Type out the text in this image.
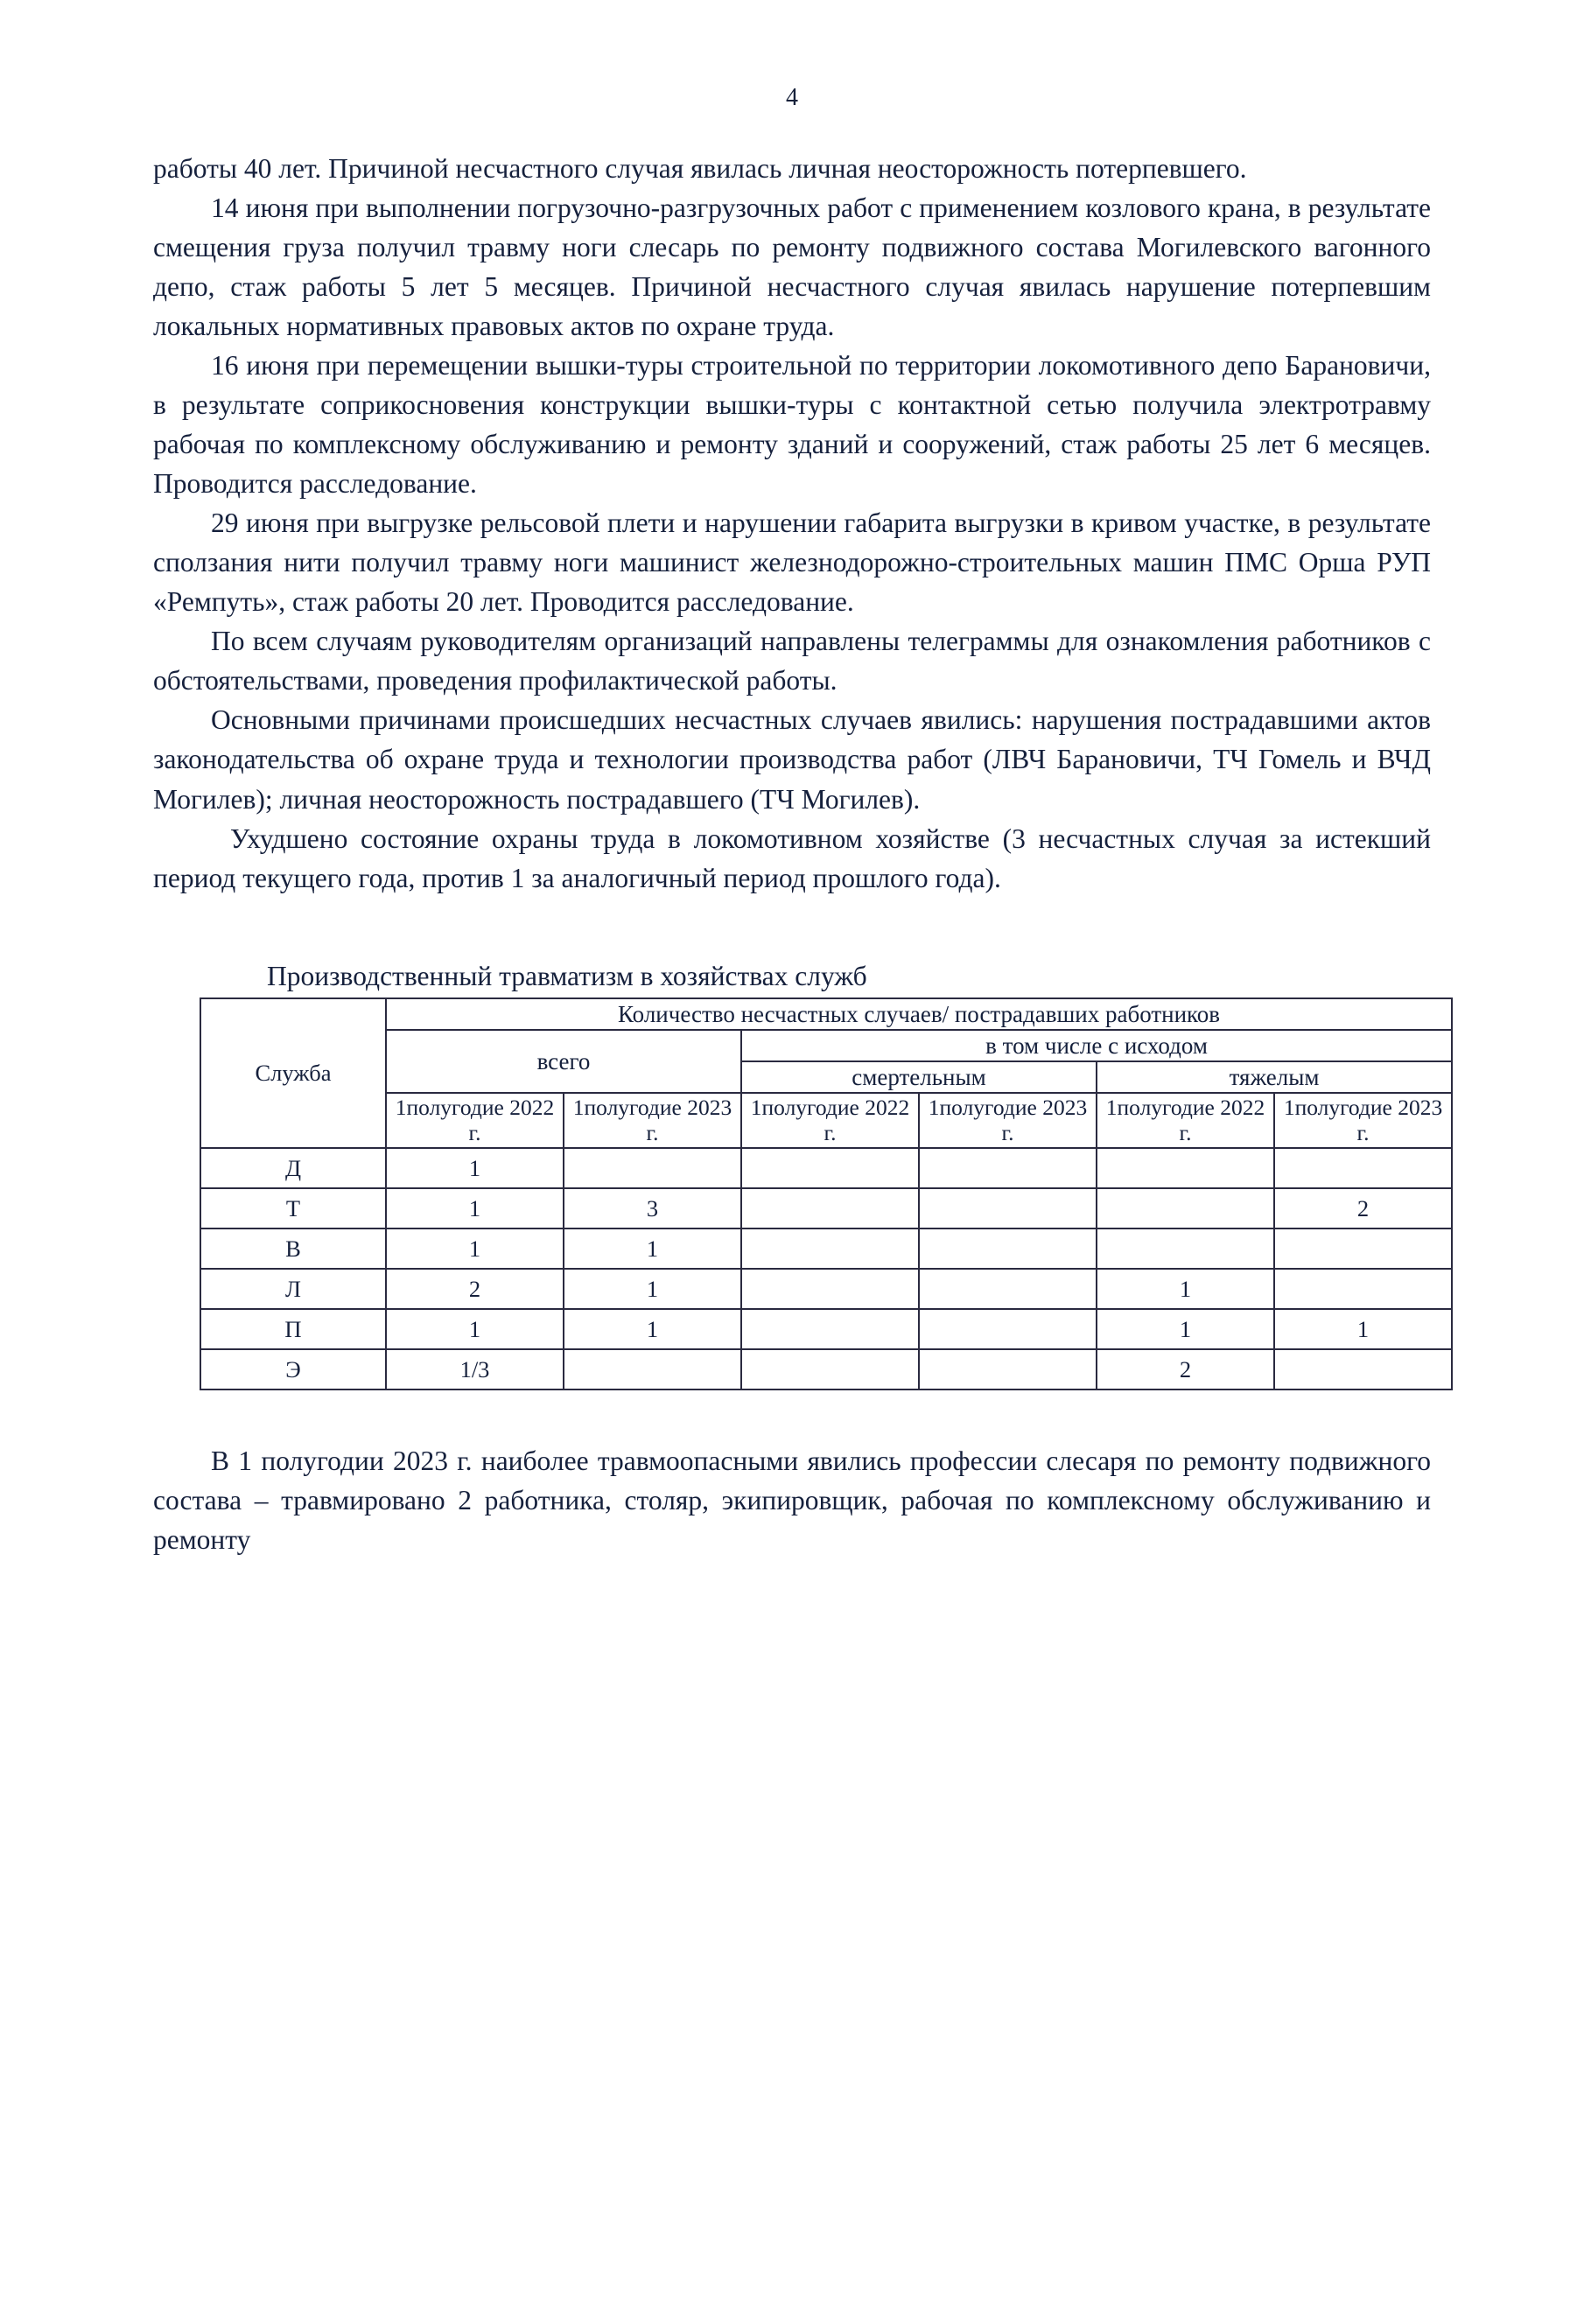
4

работы 40 лет. Причиной несчастного случая явилась личная неосторожность потерпевшего.

14 июня при выполнении погрузочно-разгрузочных работ с применением козлового крана, в результате смещения груза получил травму ноги слесарь по ремонту подвижного состава Могилевского вагонного депо, стаж работы 5 лет 5 месяцев. Причиной несчастного случая явилась нарушение потерпевшим локальных нормативных правовых актов по охране труда.

16 июня при перемещении вышки-туры строительной по территории локомотивного депо Барановичи, в результате соприкосновения конструкции вышки-туры с контактной сетью получила электротравму рабочая по комплексному обслуживанию и ремонту зданий и сооружений, стаж работы 25 лет 6 месяцев. Проводится расследование.

29 июня при выгрузке рельсовой плети и нарушении габарита выгрузки в кривом участке, в результате сползания нити получил травму ноги машинист железнодорожно-строительных машин ПМС Орша РУП «Ремпуть», стаж работы 20 лет. Проводится расследование.

По всем случаям руководителям организаций направлены телеграммы для ознакомления работников с обстоятельствами, проведения профилактической работы.

Основными причинами происшедших несчастных случаев явились: нарушения пострадавшими актов законодательства об охране труда и технологии производства работ (ЛВЧ Барановичи, ТЧ Гомель и ВЧД Могилев); личная неосторожность пострадавшего (ТЧ Могилев).

Ухудшено состояние охраны труда в локомотивном хозяйстве (3 несчастных случая за истекший период текущего года, против 1 за аналогичный период прошлого года).

Производственный травматизм в хозяйствах служб
Служба	Количество несчастных случаев/ пострадавших работников					
	всего		в том числе с исходом			
			смертельным		тяжелым	
	1полугодие 2022 г.	1полугодие 2023 г.	1полугодие 2022 г.	1полугодие 2023 г.	1полугодие 2022 г.	1полугодие 2023 г.
Д	1					
Т	1	3				2
В	1	1				
Л	2	1			1	
П	1	1			1	1
Э	1/3				2	

В 1 полугодии 2023 г. наиболее травмоопасными явились профессии слесаря по ремонту подвижного состава – травмировано 2 работника, столяр, экипировщик, рабочая по комплексному обслуживанию и ремонту
